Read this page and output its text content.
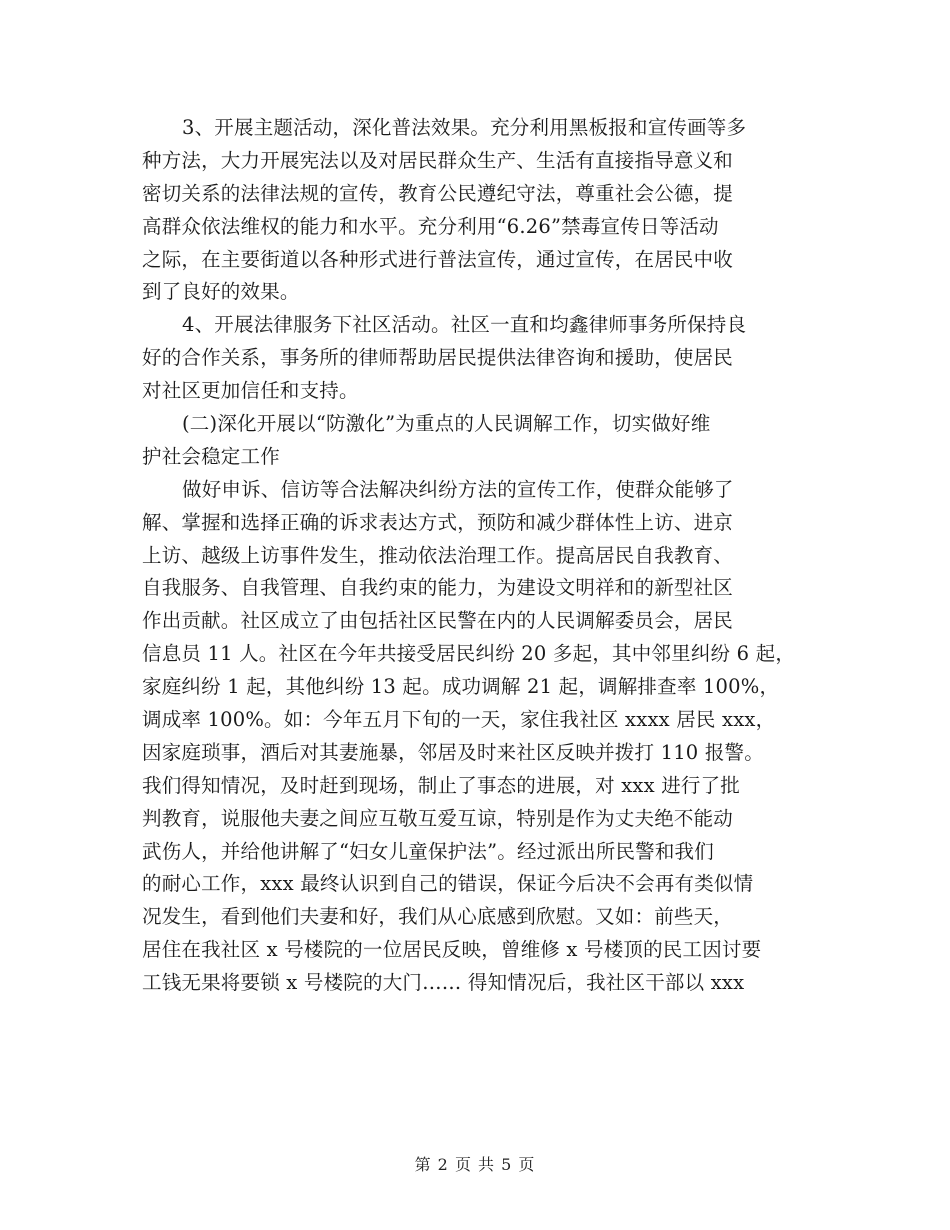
3、开展主题活动，深化普法效果。充分利用黑板报和宣传画等多
种方法，大力开展宪法以及对居民群众生产、生活有直接指导意义和
密切关系的法律法规的宣传，教育公民遵纪守法，尊重社会公德，提
高群众依法维权的能力和水平。充分利用“6.26”禁毒宣传日等活动
之际，在主要街道以各种形式进行普法宣传，通过宣传，在居民中收
到了良好的效果。
4、开展法律服务下社区活动。社区一直和均鑫律师事务所保持良
好的合作关系，事务所的律师帮助居民提供法律咨询和援助，使居民
对社区更加信任和支持。
(二)深化开展以“防激化”为重点的人民调解工作，切实做好维
护社会稳定工作
做好申诉、信访等合法解决纠纷方法的宣传工作，使群众能够了
解、掌握和选择正确的诉求表达方式，预防和减少群体性上访、进京
上访、越级上访事件发生，推动依法治理工作。提高居民自我教育、
自我服务、自我管理、自我约束的能力，为建设文明祥和的新型社区
作出贡献。社区成立了由包括社区民警在内的人民调解委员会，居民
信息员 11 人。社区在今年共接受居民纠纷 20 多起，其中邻里纠纷 6 起，
家庭纠纷 1 起，其他纠纷 13 起。成功调解 21 起，调解排查率 100%，
调成率 100%。如：今年五月下旬的一天，家住我社区 xxxx 居民 xxx，
因家庭琐事，酒后对其妻施暴，邻居及时来社区反映并拨打 110 报警。
我们得知情况，及时赶到现场，制止了事态的进展，对 xxx 进行了批
判教育，说服他夫妻之间应互敬互爱互谅，特别是作为丈夫绝不能动
武伤人，并给他讲解了“妇女儿童保护法”。经过派出所民警和我们
的耐心工作，xxx 最终认识到自己的错误，保证今后决不会再有类似情
况发生，看到他们夫妻和好，我们从心底感到欣慰。又如：前些天，
居住在我社区 x 号楼院的一位居民反映，曾维修 x 号楼顶的民工因讨要
工钱无果将要锁 x 号楼院的大门…… 得知情况后，我社区干部以 xxx
第 2 页 共 5 页
